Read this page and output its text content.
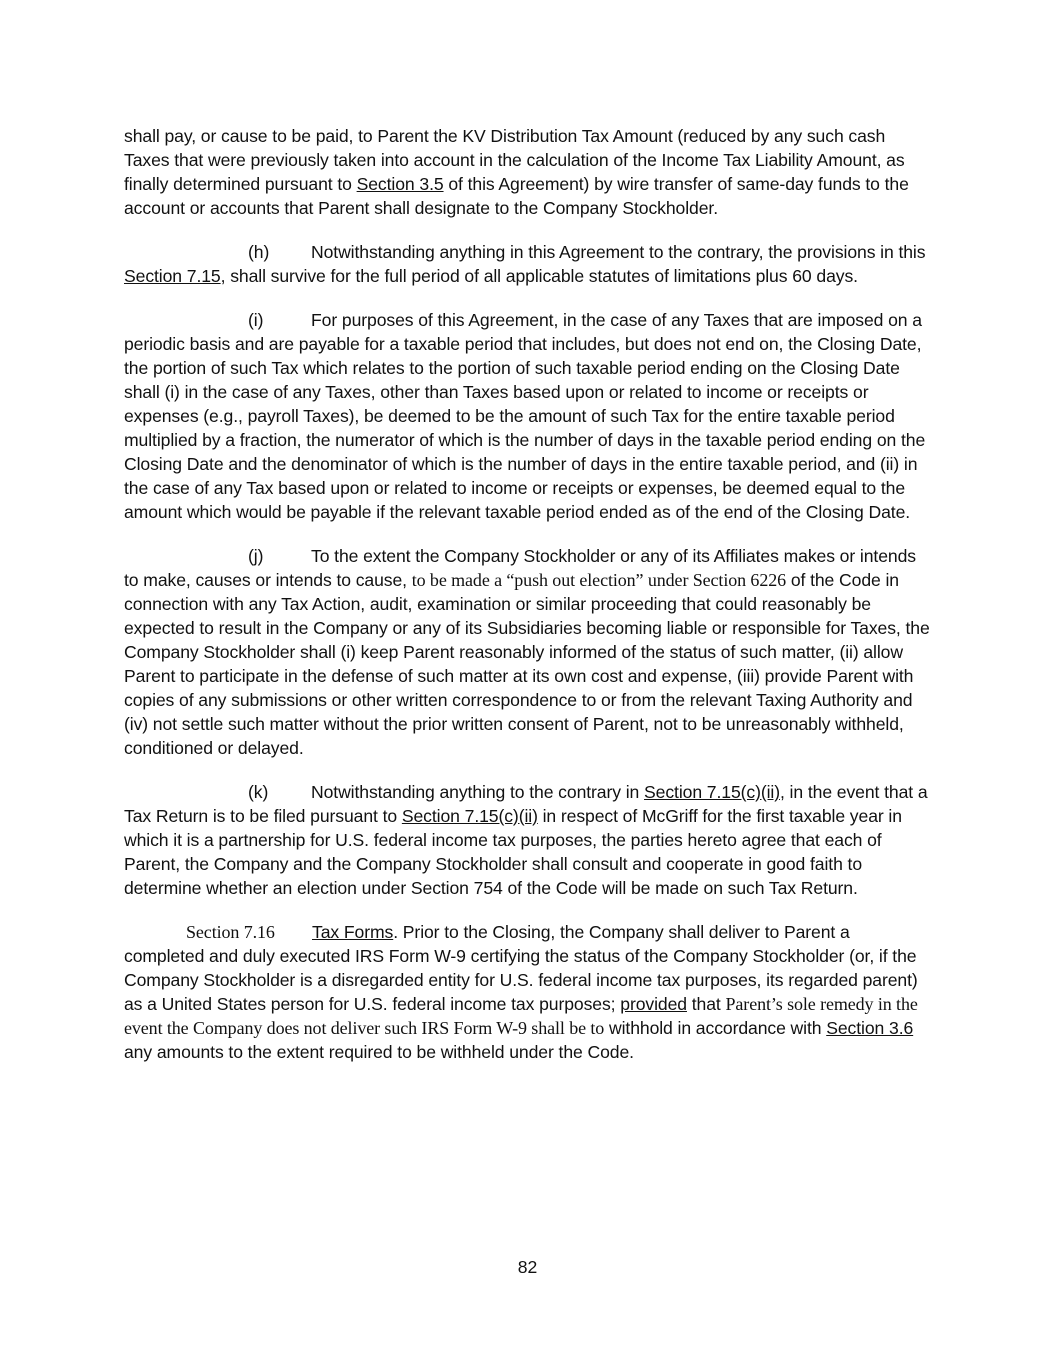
shall pay, or cause to be paid, to Parent the KV Distribution Tax Amount (reduced by any such cash Taxes that were previously taken into account in the calculation of the Income Tax Liability Amount, as finally determined pursuant to Section 3.5 of this Agreement) by wire transfer of same-day funds to the account or accounts that Parent shall designate to the Company Stockholder.

(h) Notwithstanding anything in this Agreement to the contrary, the provisions in this Section 7.15, shall survive for the full period of all applicable statutes of limitations plus 60 days.

(i)	For purposes of this Agreement, in the case of any Taxes that are imposed on a periodic basis and are payable for a taxable period that includes, but does not end on, the Closing Date, the portion of such Tax which relates to the portion of such taxable period ending on the Closing Date shall (i) in the case of any Taxes, other than Taxes based upon or related to income or receipts or expenses (e.g., payroll Taxes), be deemed to be the amount of such Tax for the entire taxable period multiplied by a fraction, the numerator of which is the number of days in the taxable period ending on the Closing Date and the denominator of which is the number of days in the entire taxable period, and (ii) in the case of any Tax based upon or related to income or receipts or expenses, be deemed equal to the amount which would be payable if the relevant taxable period ended as of the end of the Closing Date.

(j)	To the extent the Company Stockholder or any of its Affiliates makes or intends to make, causes or intends to cause, to be made a “push out election” under Section 6226 of the Code in connection with any Tax Action, audit, examination or similar proceeding that could reasonably be expected to result in the Company or any of its Subsidiaries becoming liable or responsible for Taxes, the Company Stockholder shall (i) keep Parent reasonably informed of the status of such matter, (ii) allow Parent to participate in the defense of such matter at its own cost and expense, (iii) provide Parent with copies of any submissions or other written correspondence to or from the relevant Taxing Authority and (iv) not settle such matter without the prior written consent of Parent, not to be unreasonably withheld, conditioned or delayed.

(k) Notwithstanding anything to the contrary in Section 7.15(c)(ii), in the event that a Tax Return is to be filed pursuant to Section 7.15(c)(ii) in respect of McGriff for the first taxable year in which it is a partnership for U.S. federal income tax purposes, the parties hereto agree that each of Parent, the Company and the Company Stockholder shall consult and cooperate in good faith to determine whether an election under Section 754 of the Code will be made on such Tax Return.

Section 7.16 Tax Forms. Prior to the Closing, the Company shall deliver to Parent a completed and duly executed IRS Form W-9 certifying the status of the Company Stockholder (or, if the Company Stockholder is a disregarded entity for U.S. federal income tax purposes, its regarded parent) as a United States person for U.S. federal income tax purposes; provided that Parent’s sole remedy in the event the Company does not deliver such IRS Form W-9 shall be to withhold in accordance with Section 3.6 any amounts to the extent required to be withheld under the Code.

82
